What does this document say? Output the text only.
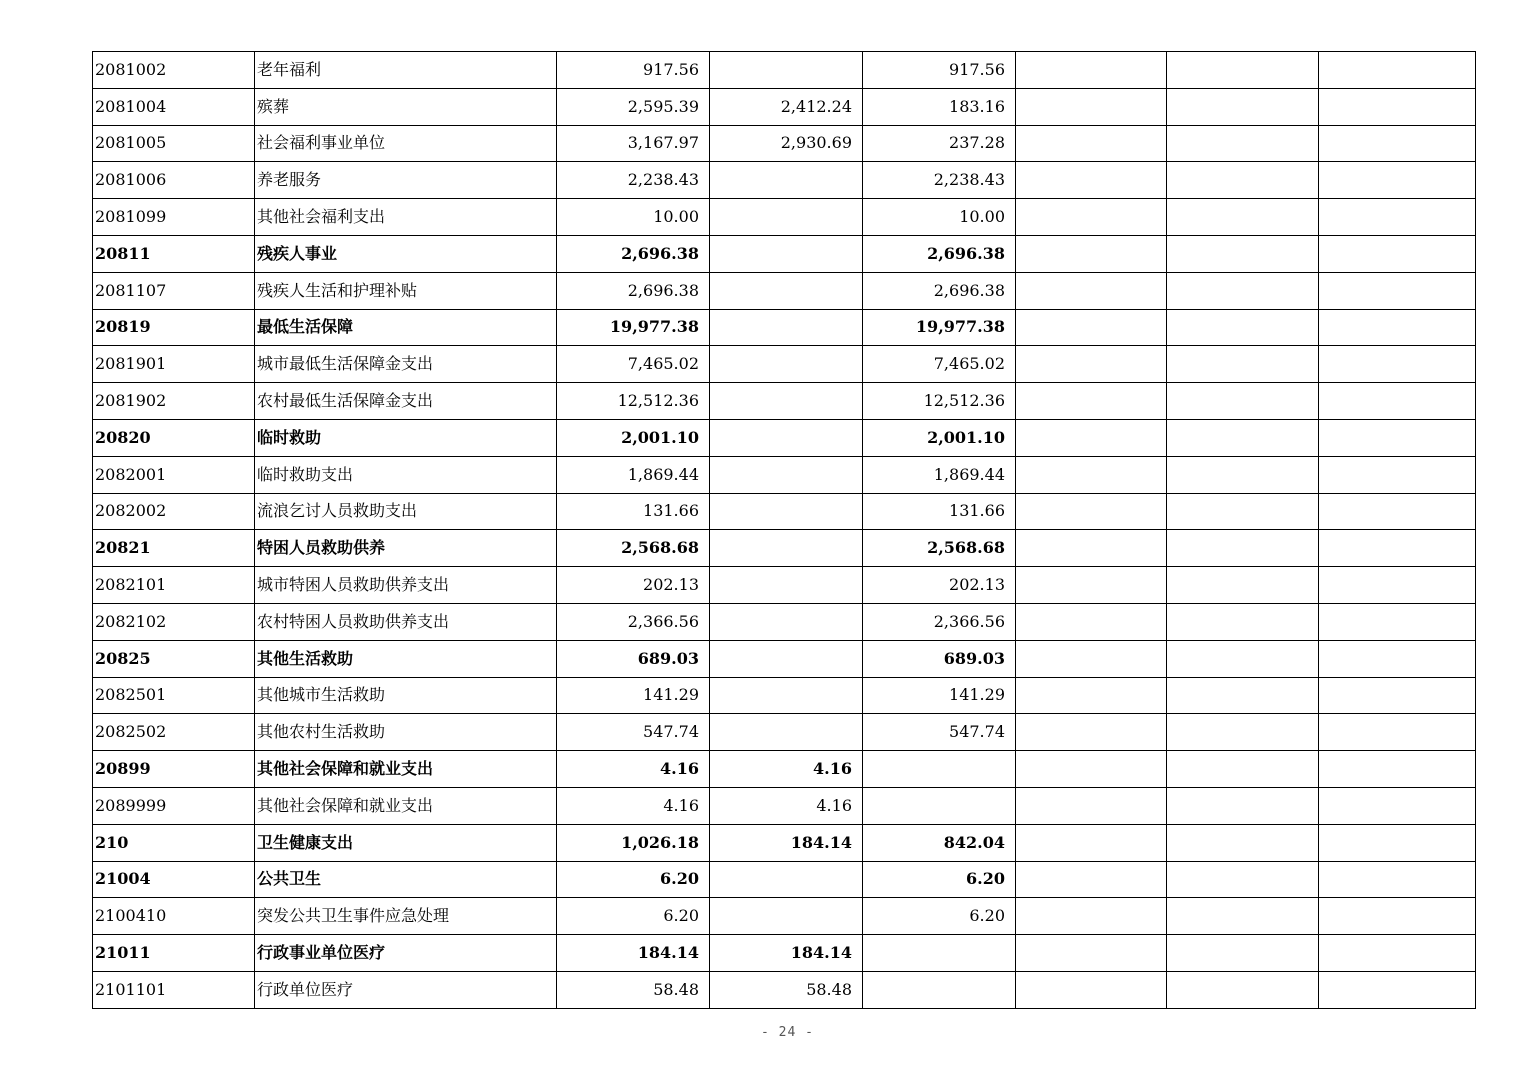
2081002	老年福利	917.56		917.56			
2081004	殡葬	2,595.39	2,412.24	183.16			
2081005	社会福利事业单位	3,167.97	2,930.69	237.28			
2081006	养老服务	2,238.43		2,238.43			
2081099	其他社会福利支出	10.00		10.00			
20811	残疾人事业	2,696.38		2,696.38			
2081107	残疾人生活和护理补贴	2,696.38		2,696.38			
20819	最低生活保障	19,977.38		19,977.38			
2081901	城市最低生活保障金支出	7,465.02		7,465.02			
2081902	农村最低生活保障金支出	12,512.36		12,512.36			
20820	临时救助	2,001.10		2,001.10			
2082001	临时救助支出	1,869.44		1,869.44			
2082002	流浪乞讨人员救助支出	131.66		131.66			
20821	特困人员救助供养	2,568.68		2,568.68			
2082101	城市特困人员救助供养支出	202.13		202.13			
2082102	农村特困人员救助供养支出	2,366.56		2,366.56			
20825	其他生活救助	689.03		689.03			
2082501	其他城市生活救助	141.29		141.29			
2082502	其他农村生活救助	547.74		547.74			
20899	其他社会保障和就业支出	4.16	4.16				
2089999	其他社会保障和就业支出	4.16	4.16				
210	卫生健康支出	1,026.18	184.14	842.04			
21004	公共卫生	6.20		6.20			
2100410	突发公共卫生事件应急处理	6.20		6.20			
21011	行政事业单位医疗	184.14	184.14				
2101101	行政单位医疗	58.48	58.48				
- 24 -
